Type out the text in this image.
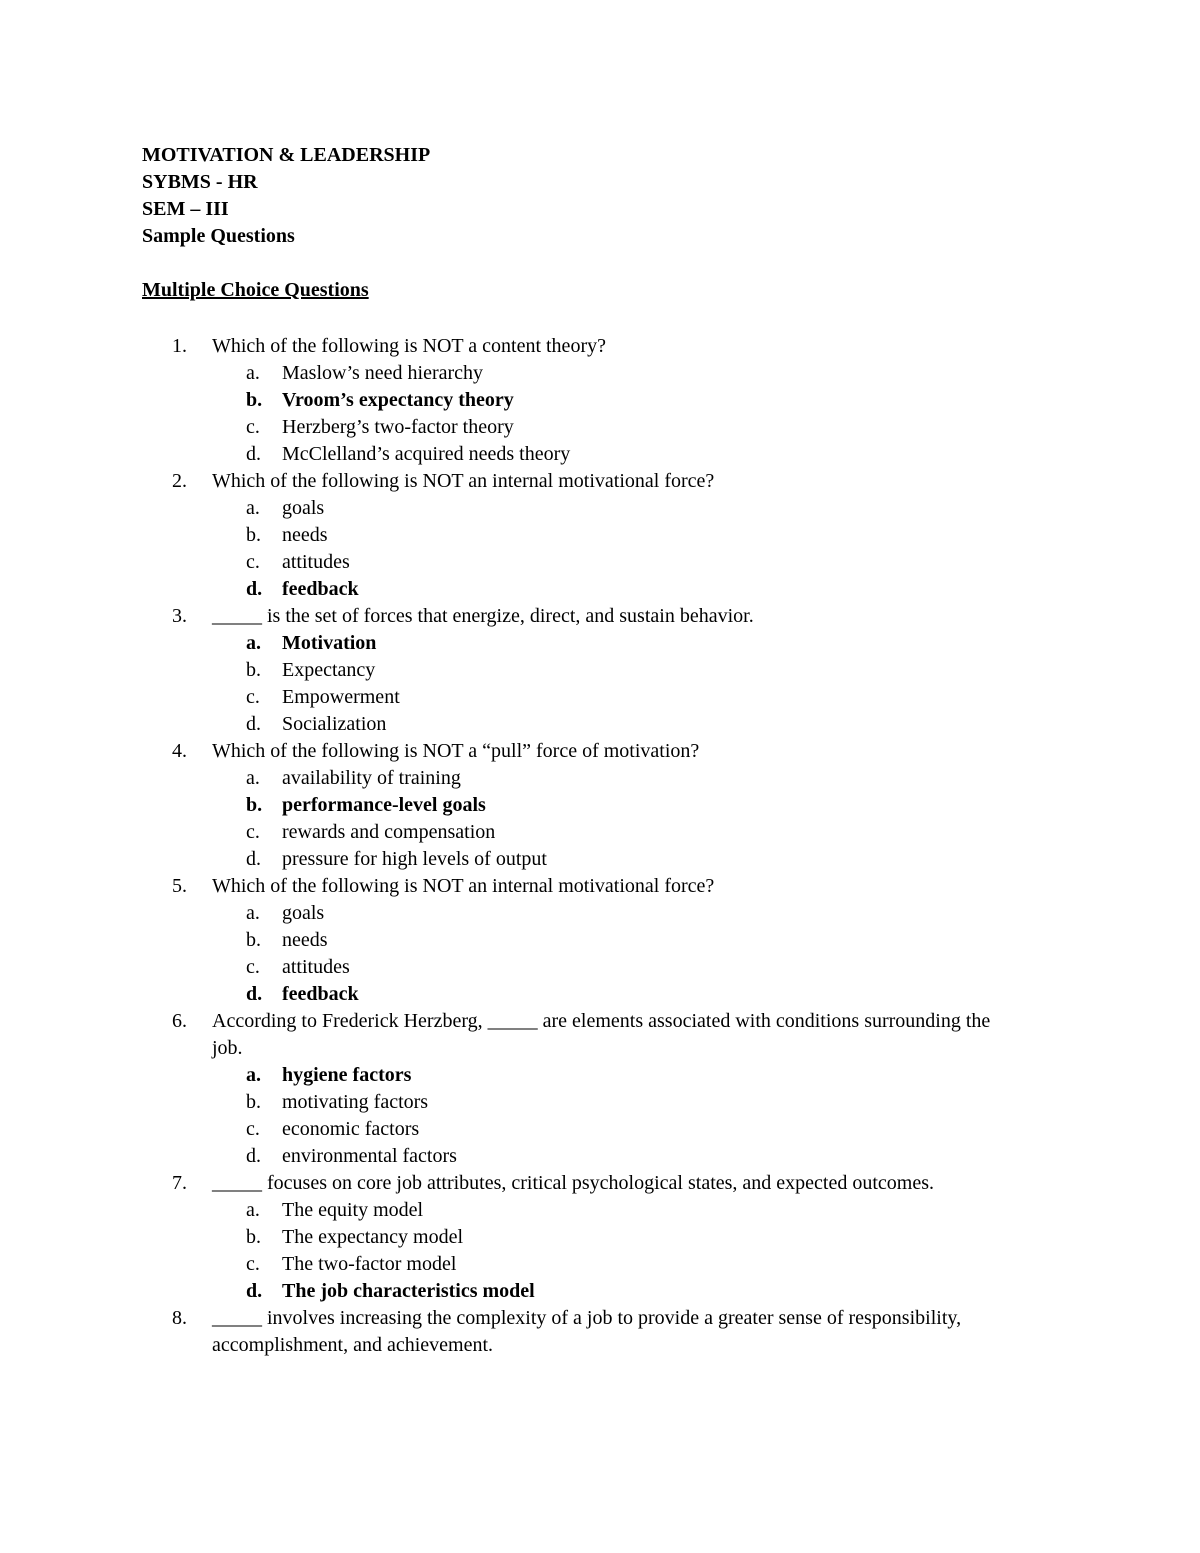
MOTIVATION & LEADERSHIP
SYBMS - HR
SEM – III
Sample Questions
Multiple Choice Questions
1.	Which of the following is NOT a content theory?
a.	Maslow’s need hierarchy
b. Vroom’s expectancy theory
c.	Herzberg’s two-factor theory
d.	McClelland’s acquired needs theory
2.	Which of the following is NOT an internal motivational force?
a.	goals
b.	needs
c.	attitudes
d. feedback
3.	_____ is the set of forces that energize, direct, and sustain behavior.
a.	Motivation
b.	Expectancy
c.	Empowerment
d.	Socialization
4.	Which of the following is NOT a “pull” force of motivation?
a.	availability of training
b. performance-level goals
c.	rewards and compensation
d.	pressure for high levels of output
5.	Which of the following is NOT an internal motivational force?
a.	goals
b.	needs
c.	attitudes
d. feedback
6.	According to Frederick Herzberg, _____ are elements associated with conditions surrounding the job.
a.	hygiene factors
b.	motivating factors
c.	economic factors
d.	environmental factors
7.	_____ focuses on core job attributes, critical psychological states, and expected outcomes.
a.	The equity model
b.	The expectancy model
c.	The two-factor model
d. The job characteristics model
8.	_____ involves increasing the complexity of a job to provide a greater sense of responsibility, accomplishment, and achievement.
